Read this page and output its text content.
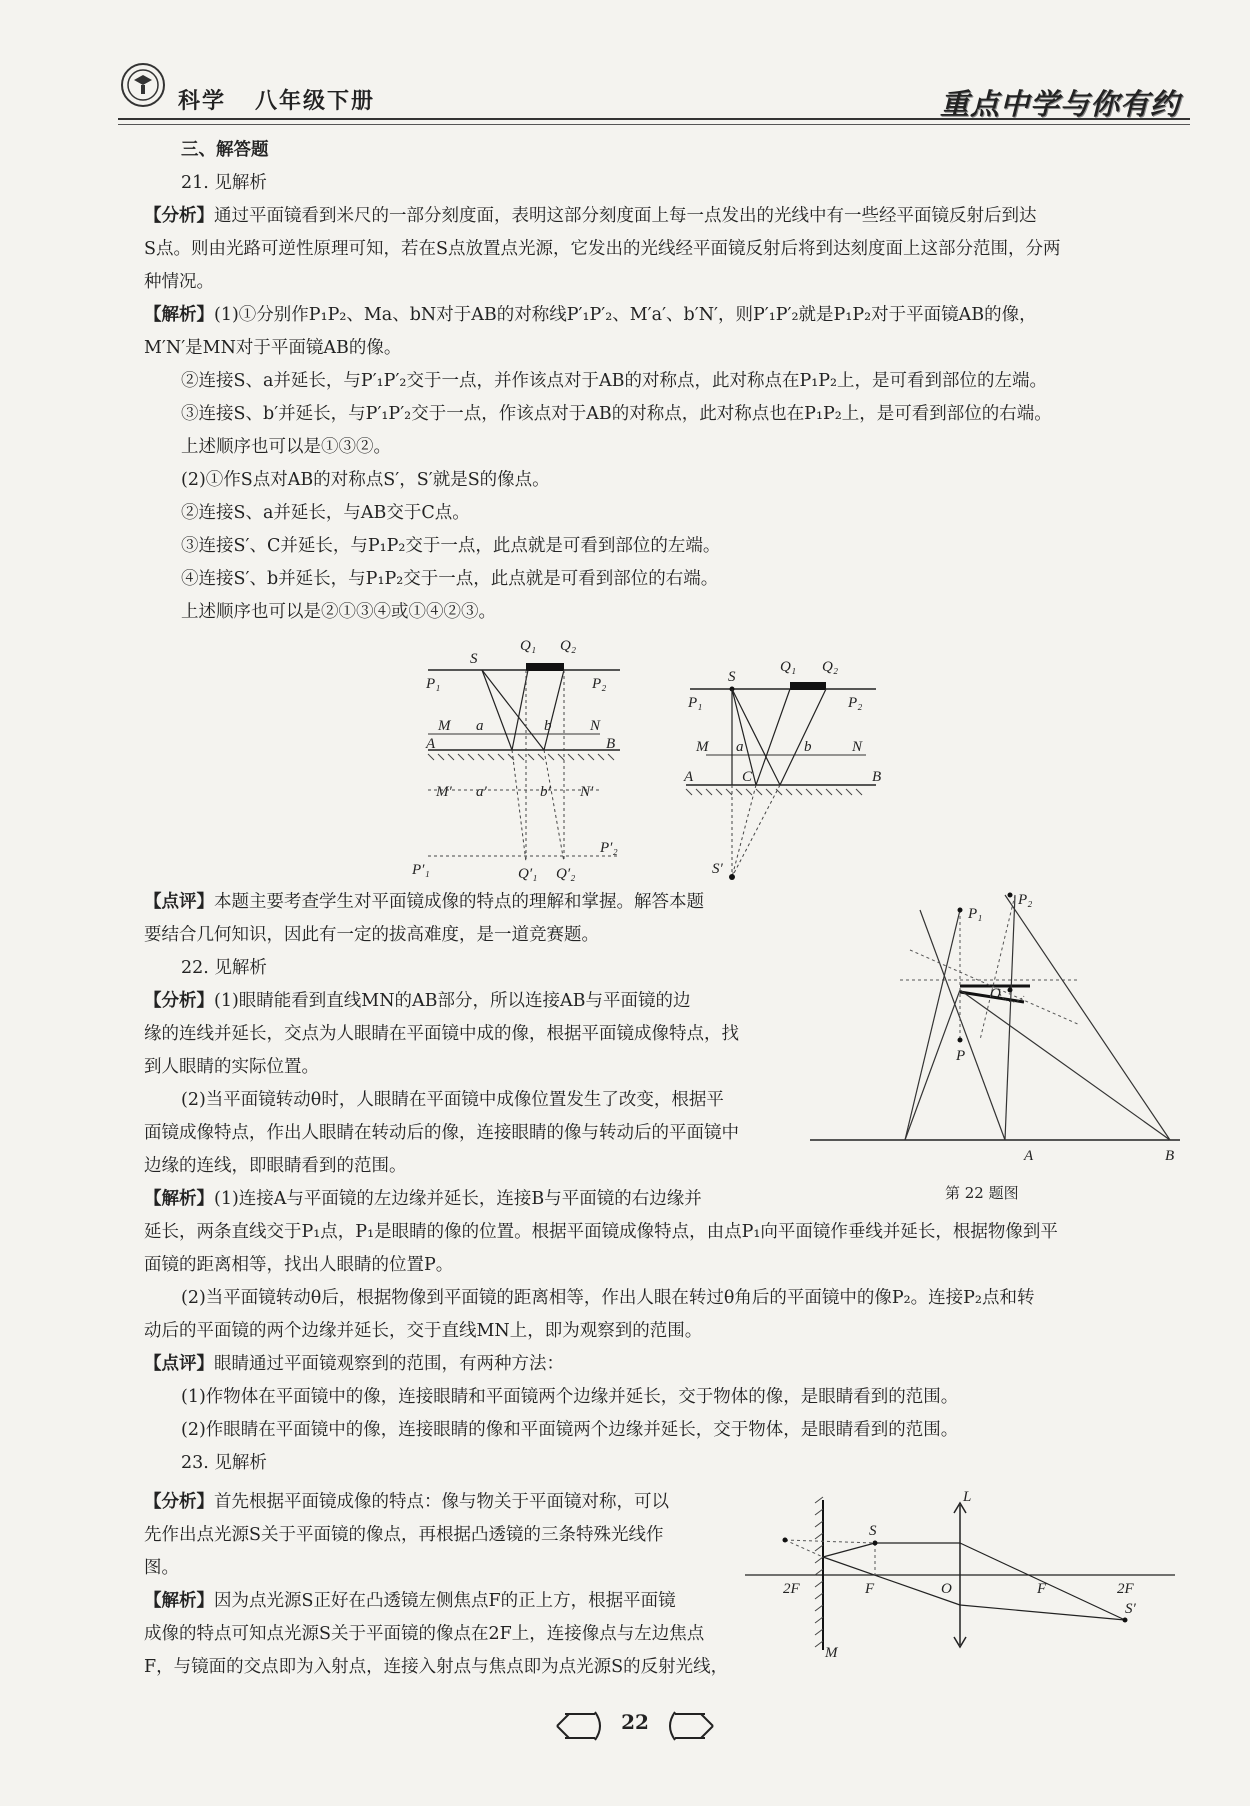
科学 八年级下册	重点中学与你有约

三、解答题

21. 见解析

【分析】通过平面镜看到米尺的一部分刻度面，表明这部分刻度面上每一点发出的光线中有一些经平面镜反射后到达

S点。则由光路可逆性原理可知，若在S点放置点光源，它发出的光线经平面镜反射后将到达刻度面上这部分范围，分两

种情况。

【解析】(1)①分别作P₁P₂、Ma、bN对于AB的对称线P′₁P′₂、M′a′、b′N′，则P′₁P′₂就是P₁P₂对于平面镜AB的像，

M′N′是MN对于平面镜AB的像。

②连接S、a并延长，与P′₁P′₂交于一点，并作该点对于AB的对称点，此对称点在P₁P₂上，是可看到部位的左端。

③连接S、b′并延长，与P′₁P′₂交于一点，作该点对于AB的对称点，此对称点也在P₁P₂上，是可看到部位的右端。

上述顺序也可以是①③②。

(2)①作S点对AB的对称点S′，S′就是S的像点。

②连接S、a并延长，与AB交于C点。

③连接S′、C并延长，与P₁P₂交于一点，此点就是可看到部位的左端。

④连接S′、b并延长，与P₁P₂交于一点，此点就是可看到部位的右端。

上述顺序也可以是②①③④或①④②③。

S
Q₁ Q₂
P₁	P₂
M a	b	N
A	B
M′ a′	b′ N′
P′₁
P′₂
Q′₁ Q′₂
S
Q₁ Q₂
P₁	P₂
M a	b	N
A	C	B
S′

【点评】本题主要考查学生对平面镜成像的特点的理解和掌握。解答本题

要结合几何知识，因此有一定的拔高难度，是一道竞赛题。

22. 见解析

【分析】(1)眼睛能看到直线MN的AB部分，所以连接AB与平面镜的边

缘的连线并延长，交点为人眼睛在平面镜中成的像，根据平面镜成像特点，找

到人眼睛的实际位置。

(2)当平面镜转动θ时，人眼睛在平面镜中成像位置发生了改变，根据平

面镜成像特点，作出人眼睛在转动后的像，连接眼睛的像与转动后的平面镜中

边缘的连线，即眼睛看到的范围。

【解析】(1)连接A与平面镜的左边缘并延长，连接B与平面镜的右边缘并

P₁
P₂
O
P
A	B
第 22 题图

延长，两条直线交于P₁点，P₁是眼睛的像的位置。根据平面镜成像特点，由点P₁向平面镜作垂线并延长，根据物像到平

面镜的距离相等，找出人眼睛的位置P。

(2)当平面镜转动θ后，根据物像到平面镜的距离相等，作出人眼在转过θ角后的平面镜中的像P₂。连接P₂点和转

动后的平面镜的两个边缘并延长，交于直线MN上，即为观察到的范围。

【点评】眼睛通过平面镜观察到的范围，有两种方法：

(1)作物体在平面镜中的像，连接眼睛和平面镜两个边缘并延长，交于物体的像，是眼睛看到的范围。

(2)作眼睛在平面镜中的像，连接眼睛的像和平面镜两个边缘并延长，交于物体，是眼睛看到的范围。

23. 见解析

【分析】首先根据平面镜成像的特点：像与物关于平面镜对称，可以

先作出点光源S关于平面镜的像点，再根据凸透镜的三条特殊光线作

图。

【解析】因为点光源S正好在凸透镜左侧焦点F的正上方，根据平面镜

成像的特点可知点光源S关于平面镜的像点在2F上，连接像点与左边焦点

F，与镜面的交点即为入射点，连接入射点与焦点即为点光源S的反射光线，

L
S
2F	F	O	F	2F
S′
M
22
